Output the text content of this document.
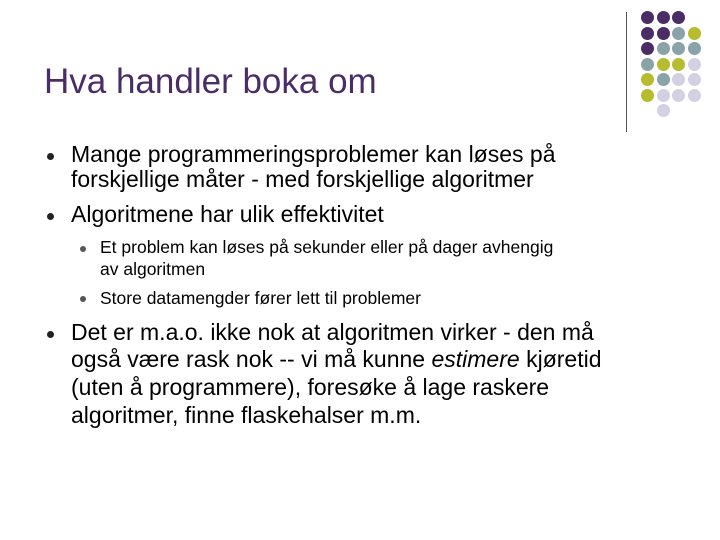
Hva handler boka om
Mange programmeringsproblemer kan løses på
forskjellige måter - med forskjellige algoritmer
Algoritmene har ulik effektivitet
Et problem kan løses på sekunder eller på dager avhengig
av algoritmen
Store datamengder fører lett til problemer
Det er m.a.o. ikke nok at algoritmen virker - den må
også være rask nok -- vi må kunne estimere kjøretid
(uten å programmere), foresøke å lage raskere
algoritmer, finne flaskehalser m.m.
